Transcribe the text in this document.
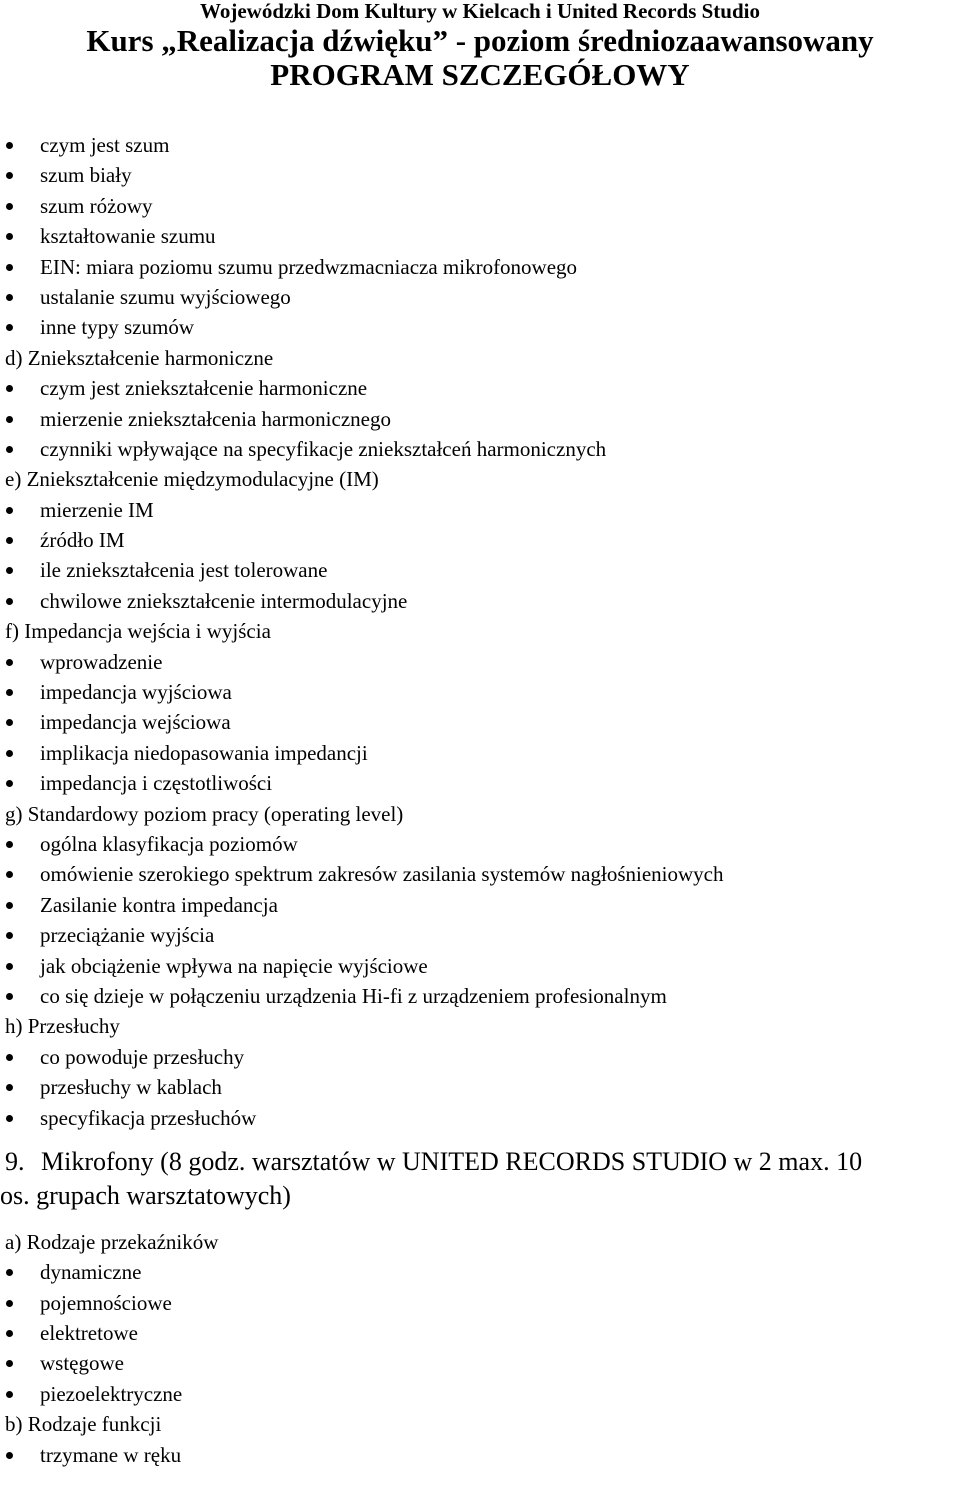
Wojewódzki Dom Kultury w Kielcach i United Records Studio
Kurs „Realizacja dźwięku” - poziom średniozaawansowany
PROGRAM SZCZEGÓŁOWY
czym jest szum
szum biały
szum różowy
kształtowanie szumu
EIN: miara poziomu szumu przedwzmacniacza mikrofonowego
ustalanie szumu wyjściowego
inne typy szumów
d) Zniekształcenie harmoniczne
czym jest zniekształcenie harmoniczne
mierzenie zniekształcenia harmonicznego
czynniki wpływające na specyfikacje zniekształceń harmonicznych
e) Zniekształcenie międzymodulacyjne (IM)
mierzenie IM
źródło IM
ile zniekształcenia jest tolerowane
chwilowe zniekształcenie intermodulacyjne
f) Impedancja wejścia i wyjścia
wprowadzenie
impedancja wyjściowa
impedancja wejściowa
implikacja niedopasowania impedancji
impedancja i częstotliwości
g) Standardowy poziom pracy (operating level)
ogólna klasyfikacja poziomów
omówienie szerokiego spektrum zakresów zasilania systemów nagłośnieniowych
Zasilanie kontra impedancja
przeciążanie wyjścia
jak obciążenie wpływa na napięcie wyjściowe
co się dzieje w połączeniu urządzenia Hi-fi z urządzeniem profesionalnym
h) Przesłuchy
co powoduje przesłuchy
przesłuchy w kablach
specyfikacja przesłuchów
9. Mikrofony (8 godz. warsztatów w UNITED RECORDS STUDIO w 2 max. 10
os. grupach warsztatowych)
a) Rodzaje przekaźników
dynamiczne
pojemnościowe
elektretowe
wstęgowe
piezoelektryczne
b) Rodzaje funkcji
trzymane w ręku
